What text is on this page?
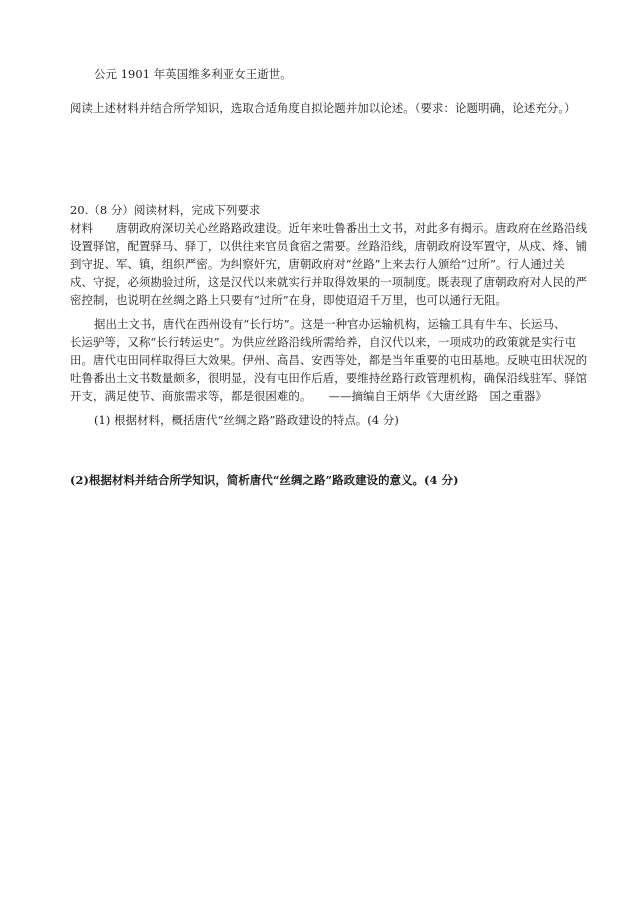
公元 1901 年英国维多利亚女王逝世。
阅读上述材料并结合所学知识，选取合适角度自拟论题并加以论述。（要求：论题明确，论述充分。）
20.（8 分）阅读材料，完成下列要求
材料　　唐朝政府深切关心丝路路政建设。近年来吐鲁番出土文书，对此多有揭示。唐政府在丝路沿线
设置驿馆，配置驿马、驿丁，以供往来官员食宿之需要。丝路沿线，唐朝政府设军置守，从戍、烽、铺
到守捉、军、镇，组织严密。为纠察奸宄，唐朝政府对“丝路”上来去行人颁给“过所”。行人通过关
戍、守捉，必须勘验过所，这是汉代以来就实行并取得效果的一项制度。既表现了唐朝政府对人民的严
密控制，也说明在丝绸之路上只要有“过所”在身，即使迢迢千万里，也可以通行无阻。
据出土文书，唐代在西州设有“长行坊”。这是一种官办运输机构，运输工具有牛车、长运马、
长运驴等，又称“长行转运史”。为供应丝路沿线所需给养，自汉代以来，一项成功的政策就是实行屯
田。唐代屯田同样取得巨大效果。伊州、高昌、安西等处，都是当年重要的屯田基地。反映屯田状况的
吐鲁番出土文书数量颇多，很明显，没有屯田作后盾，要维持丝路行政管理机构，确保沿线驻军、驿馆
开支，满足使节、商旅需求等，都是很困难的。　　——摘编自王炳华《大唐丝路　国之重器》
(1) 根据材料，概括唐代“丝绸之路”路政建设的特点。(4 分)
(2)根据材料并结合所学知识，简析唐代“丝绸之路”路政建设的意义。(4 分)
